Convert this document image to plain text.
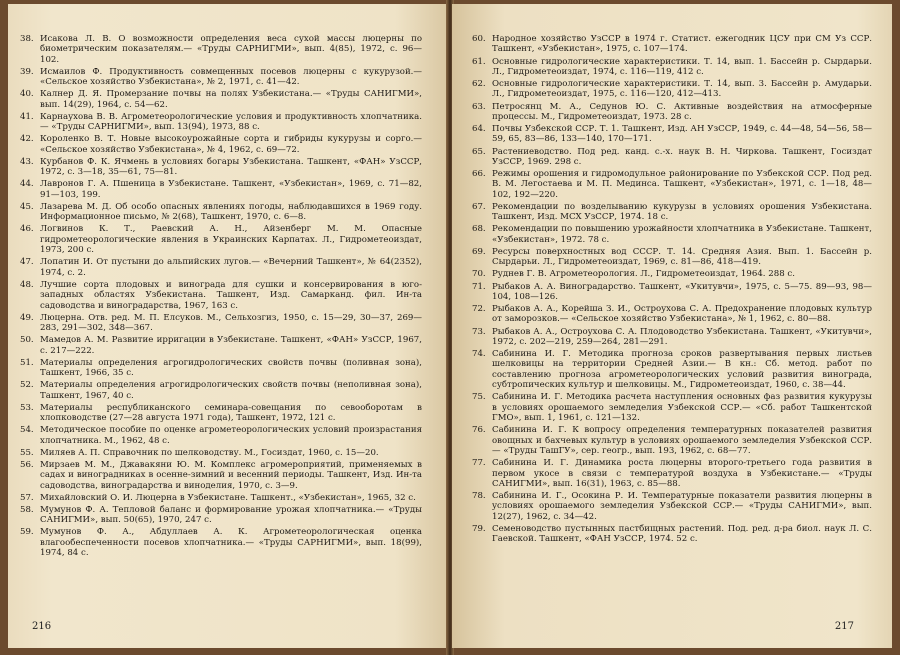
38. Исакова Л. В. О возможности определения веса сухой массы люцерны по биометрическим показателям.— «Труды САРНИГМИ», вып. 4(85), 1972, с. 96—102.
39. Исмаилов Ф. Продуктивность совмещенных посевов люцерны с кукурузой.— «Сельское хозяйство Узбекистана», № 2, 1971, с. 41—42.
40. Калнер Д. Я. Промерзание почвы на полях Узбекистана.— «Труды САНИГМИ», вып. 14(29), 1964, с. 54—62.
41. Карнаухова В. В. Агрометеорологические условия и продуктивность хлопчатника.— «Труды САРНИГМИ», вып. 13(94), 1973, 88 с.
42. Короленко В. Т. Новые высокоурожайные сорта и гибриды кукурузы и сорго.— «Сельское хозяйство Узбекистана», № 4, 1962, с. 69—72.
43. Курбанов Ф. К. Ячмень в условиях богары Узбекистана. Ташкент, «ФАН» УзССР, 1972, с. 3—18, 35—61, 75—81.
44. Лавронов Г. А. Пшеница в Узбекистане. Ташкент, «Узбекистан», 1969, с. 71—82, 91—103, 199.
45. Лазарева М. Д. Об особо опасных явлениях погоды, наблюдавшихся в 1969 году. Информационное письмо, № 2(68), Ташкент, 1970, с. 6—8.
46. Логвинов К. Т., Раевский А. Н., Айзенберг М. М. Опасные гидрометеорологические явления в Украинских Карпатах. Л., Гидрометеоиздат, 1973, 200 с.
47. Лопатин И. От пустыни до альпийских лугов.— «Вечерний Ташкент», № 64(2352), 1974, с. 2.
48. Лучшие сорта плодовых и винограда для сушки и консервирования в юго-западных областях Узбекистана. Ташкент, Изд. Самарканд. фил. Ин-та садоводства и виноградарства, 1967, 163 с.
49. Люцерна. Отв. ред. М. П. Елсуков. М., Сельхозгиз, 1950, с. 15—29, 30—37, 269—283, 291—302, 348—367.
50. Мамедов А. М. Развитие ирригации в Узбекистане. Ташкент, «ФАН» УзССР, 1967, с. 217—222.
51. Материалы определения агрогидрологических свойств почвы (поливная зона), Ташкент, 1966, 35 с.
52. Материалы определения агрогидрологических свойств почвы (неполивная зона), Ташкент, 1967, 40 с.
53. Материалы республиканского семинара-совещания по севооборотам в хлопководстве (27—28 августа 1971 года), Ташкент, 1972, 121 с.
54. Методическое пособие по оценке агрометеорологических условий произрастания хлопчатника. М., 1962, 48 с.
55. Миляев А. П. Справочник по шелководству. М., Госиздат, 1960, с. 15—20.
56. Мирзаев М. М., Джавакяни Ю. М. Комплекс агромероприятий, применяемых в садах и виноградниках в осенне-зимний и весенний периоды. Ташкент, Изд. Ин-та садоводства, виноградарства и виноделия, 1970, с. 3—9.
57. Михайловский О. И. Люцерна в Узбекистане. Ташкент., «Узбекистан», 1965, 32 с.
58. Мумунов Ф. А. Тепловой баланс и формирование урожая хлопчатника.— «Труды САНИГМИ», вып. 50(65), 1970, 247 с.
59. Мумунов Ф. А., Абдуллаев А. К. Агрометеорологическая оценка влагообеспеченности посевов хлопчатника.— «Труды САРНИГМИ», вып. 18(99), 1974, 84 с.
216
60. Народное хозяйство УзССР в 1974 г. Статист. ежегодник ЦСУ при СМ Уз ССР. Ташкент, «Узбекистан», 1975, с. 107—174.
61. Основные гидрологические характеристики. Т. 14, вып. 1. Бассейн р. Сырдарьи. Л., Гидрометеоиздат, 1974, с. 116—119, 412 с.
62. Основные гидрологические характеристики. Т. 14, вып. 3. Бассейн р. Амударьи. Л., Гидрометеоиздат, 1975, с. 116—120, 412—413.
63. Петросянц М. А., Седунов Ю. С. Активные воздействия на атмосферные процессы. М., Гидрометеоиздат, 1973. 28 с.
64. Почвы Узбекской ССР. Т. 1. Ташкент, Изд. АН УзССР, 1949, с. 44—48, 54—56, 58—59, 65, 83—86, 133—140, 170—171.
65. Растениеводство. Под ред. канд. с.-х. наук В. Н. Чиркова. Ташкент, Госиздат УзССР, 1969. 298 с.
66. Режимы орошения и гидромодульное районирование по Узбекской ССР. Под ред. В. М. Легостаева и М. П. Мединса. Ташкент, «Узбекистан», 1971, с. 1—18, 48—102, 192—220.
67. Рекомендации по возделыванию кукурузы в условиях орошения Узбекистана. Ташкент, Изд. МСХ УзССР, 1974. 18 с.
68. Рекомендации по повышению урожайности хлопчатника в Узбекистане. Ташкент, «Узбекистан», 1972. 78 с.
69. Ресурсы поверхностных вод СССР. Т. 14. Средняя Азия. Вып. 1. Бассейн р. Сырдарьи. Л., Гидрометеоиздат, 1969, с. 81—86, 418—419.
70. Руднев Г. В. Агрометеорология. Л., Гидрометеоиздат, 1964. 288 с.
71. Рыбаков А. А. Виноградарство. Ташкент, «Укитувчи», 1975, с. 5—75. 89—93, 98—104, 108—126.
72. Рыбаков А. А., Корейша З. И., Остроухова С. А. Предохранение плодовых культур от заморозков.— «Сельское хозяйство Узбекистана», № 1, 1962, с. 80—88.
73. Рыбаков А. А., Остроухова С. А. Плодоводство Узбекистана. Ташкент, «Укитувчи», 1972, с. 202—219, 259—264, 281—291.
74. Сабинина И. Г. Методика прогноза сроков развертывания первых листьев шелковицы на территории Средней Азии.— В кн.: Сб. метод. работ по составлению прогноза агрометеорологических условий развития винограда, субтропических культур и шелковицы. М., Гидрометеоиздат, 1960, с. 38—44.
75. Сабинина И. Г. Методика расчета наступления основных фаз развития кукурузы в условиях орошаемого земледелия Узбекской ССР.— «Сб. работ Ташкентской ГМО», вып. 1, 1961, с. 121—132.
76. Сабинина И. Г. К вопросу определения температурных показателей развития овощных и бахчевых культур в условиях орошаемого земледелия Узбекской ССР.— «Труды ТашГУ», сер. геогр., вып. 193, 1962, с. 68—77.
77. Сабинина И. Г. Динамика роста люцерны второго-третьего года развития в первом укосе в связи с температурой воздуха в Узбекистане.— «Труды САНИГМИ», вып. 16(31), 1963, с. 85—88.
78. Сабинина И. Г., Осокина Р. И. Температурные показатели развития люцерны в условиях орошаемого земледелия Узбекской ССР.— «Труды САНИГМИ», вып. 12(27), 1962, с. 34—42.
79. Семеноводство пустынных пастбищных растений. Под. ред. д-ра биол. наук Л. С. Гаевской. Ташкент, «ФАН УзССР, 1974. 52 с.
217
